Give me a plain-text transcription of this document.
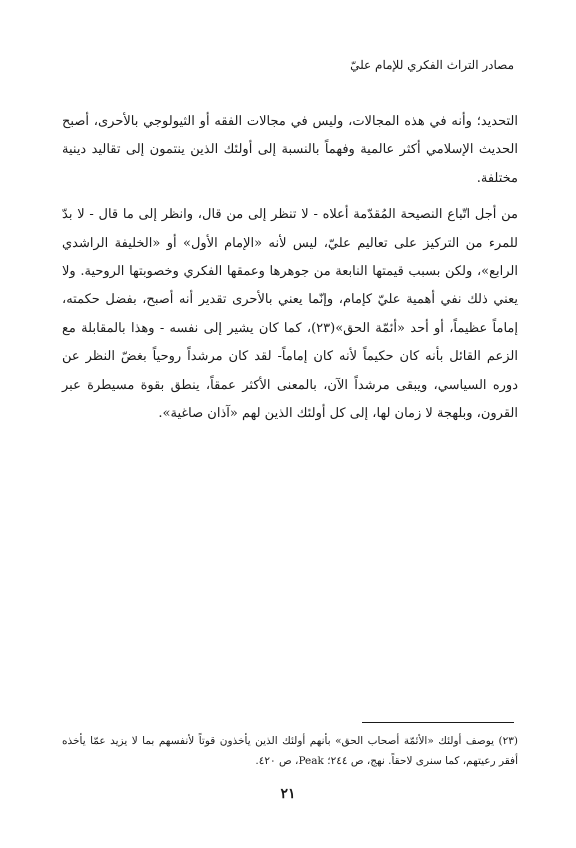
مصادر التراث الفكري للإمام عليّ

التحديد؛ وأنه في هذه المجالات، وليس في مجالات الفقه أو الثيولوجي بالأحرى، أصبح الحديث الإسلامي أكثر عالمية وفهماً بالنسبة إلى أولئك الذين ينتمون إلى تقاليد دينية مختلفة.

من أجل اتّباع النصيحة المُقدّمة أعلاه - لا تنظر إلى من قال، وانظر إلى ما قال - لا بدّ للمرء من التركيز على تعاليم عليّ، ليس لأنه «الإمام الأول» أو «الخليفة الراشدي الرابع»، ولكن بسبب قيمتها النابعة من جوهرها وعمقها الفكري وخصوبتها الروحية. ولا يعني ذلك نفي أهمية عليّ كإمام، وإنّما يعني بالأحرى تقدير أنه أصبح، بفضل حكمته، إماماً عظيماً، أو أحد «أئمّة الحق»(٢٣)، كما كان يشير إلى نفسه - وهذا بالمقابلة مع الزعم القائل بأنه كان حكيماً لأنه كان إماماً- لقد كان مرشداً روحياً بغضّ النظر عن دوره السياسي، ويبقى مرشداً الآن، بالمعنى الأكثر عمقاً، ينطق بقوة مسيطرة عبر القرون، وبلهجة لا زمان لها، إلى كل أولئك الذين لهم «آذان صاغية».

(٢٣) يوصف أولئك «الأئمّة أصحاب الحق» بأنهم أولئك الذين يأخذون قوتاً لأنفسهم بما لا يزيد عمّا يأخذه أفقر رعيتهم، كما سنرى لاحقاً. نهج، ص ٢٤٤؛ Peak، ص ٤٢٠.

٢١
